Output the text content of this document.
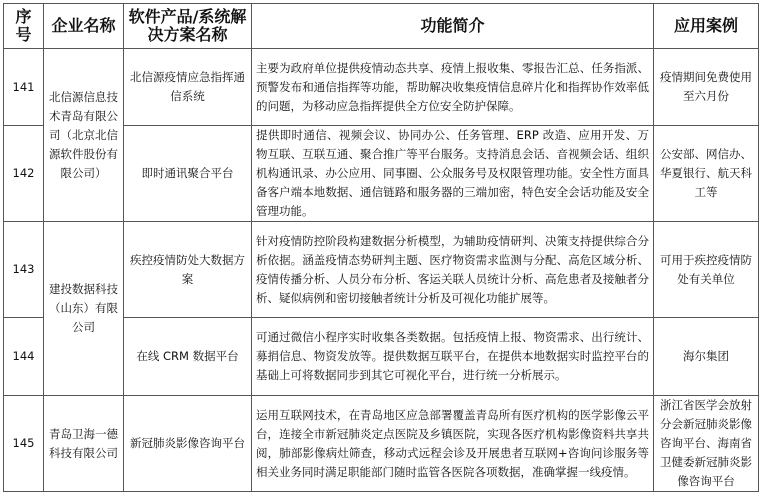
序号	企业名称	软件产品/系统解决方案名称	功能简介	应用案例
141	北信源信息技术青岛有限公司（北京北信源软件股份有限公司）	北信源疫情应急指挥通信系统	主要为政府单位提供疫情动态共享、疫情上报收集、零报告汇总、任务指派、预警发布和通信指挥等功能，帮助解决收集疫情信息碎片化和指挥协作效率低的问题，为移动应急指挥提供全方位安全防护保障。	疫情期间免费使用至六月份
142		即时通讯聚合平台	提供即时通信、视频会议、协同办公、任务管理、ERP 改造、应用开发、万物互联、互联互通、聚合推广等平台服务。支持消息会话、音视频会话、组织机构通讯录、办公应用、同事圈、公众服务号及权限管理功能。安全性方面具备客户端本地数据、通信链路和服务器的三端加密，特色安全会话功能及安全管理功能。	公安部、网信办、华夏银行、航天科工等
143	建投数据科技（山东）有限公司	疾控疫情防处大数据方案	针对疫情防控阶段构建数据分析模型，为辅助疫情研判、决策支持提供综合分析依据。涵盖疫情态势研判主题、医疗物资需求监测与分配、高危区域分析、疫情传播分析、人员分布分析、客运关联人员统计分析、高危患者及接触者分析、疑似病例和密切接触者统计分析及可视化功能扩展等。	可用于疾控疫情防处有关单位
144		在线 CRM 数据平台	可通过微信小程序实时收集各类数据。包括疫情上报、物资需求、出行统计、募捐信息、物资发放等。提供数据互联平台，在提供本地数据实时监控平台的基础上可将数据同步到其它可视化平台，进行统一分析展示。	海尔集团
145	青岛卫海一德科技有限公司	新冠肺炎影像咨询平台	运用互联网技术，在青岛地区应急部署覆盖青岛所有医疗机构的医学影像云平台，连接全市新冠肺炎定点医院及乡镇医院，实现各医疗机构影像资料共享共阅，肺部影像病灶筛查，移动式远程会诊及开展患者互联网+咨询问诊服务等相关业务同时满足职能部门随时监管各医院各项数据，准确掌握一线疫情。	浙江省医学会放射分会新冠肺炎影像咨询平台、海南省卫健委新冠肺炎影像咨询平台
